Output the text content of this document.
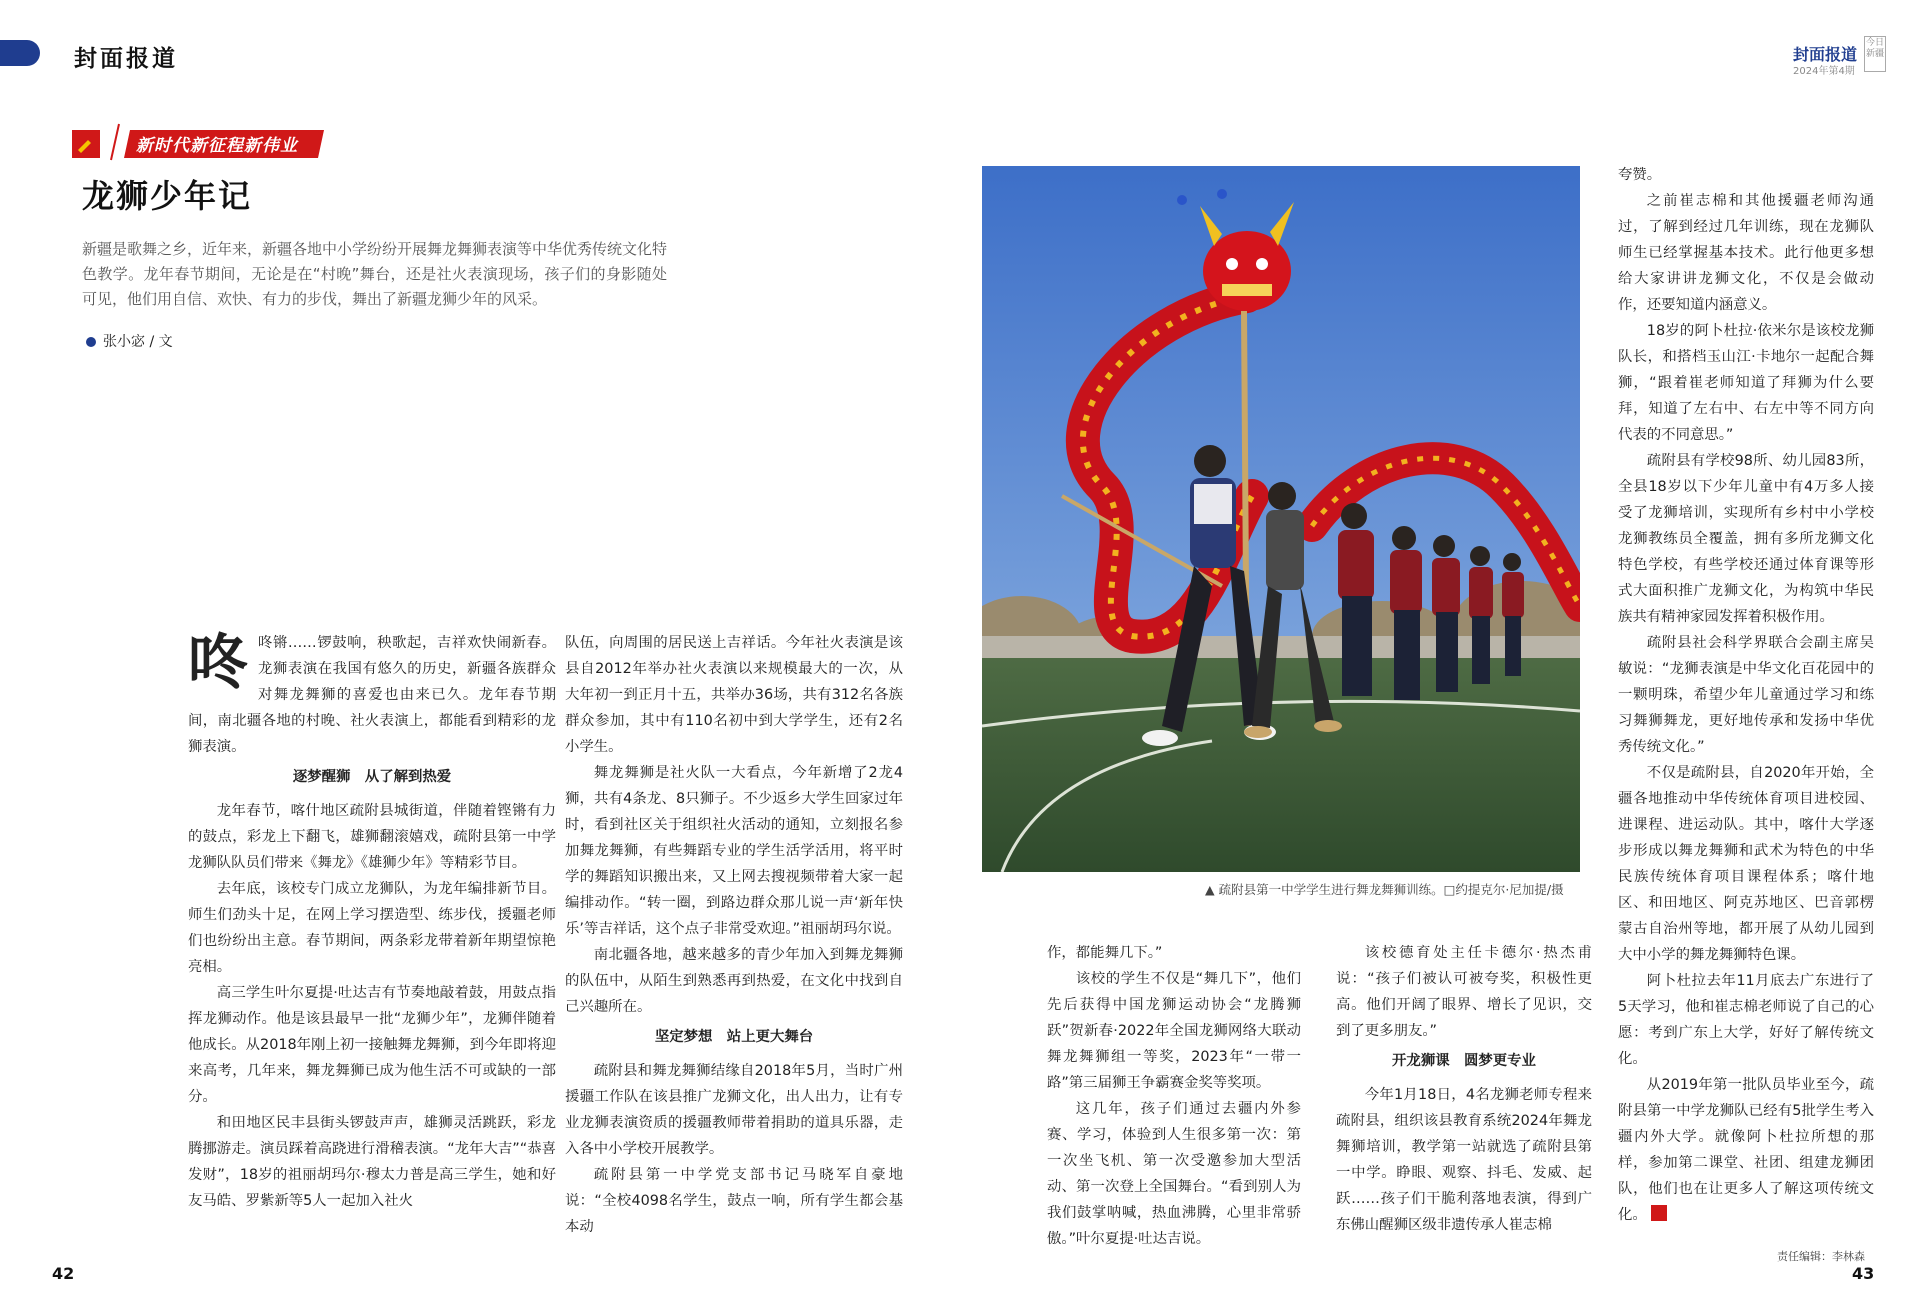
封面报道	封面报道
2024年第4期
今日新疆
新时代新征程新伟业
龙狮少年记
新疆是歌舞之乡，近年来，新疆各地中小学纷纷开展舞龙舞狮表演等中华优秀传统文化特色教学。龙年春节期间，无论是在“村晚”舞台，还是社火表演现场，孩子们的身影随处可见，他们用自信、欢快、有力的步伐，舞出了新疆龙狮少年的风采。
张小宓 / 文

咚咚锵……锣鼓响，秧歌起，吉祥欢快闹新春。龙狮表演在我国有悠久的历史，新疆各族群众对舞龙舞狮的喜爱也由来已久。龙年春节期间，南北疆各地的村晚、社火表演上，都能看到精彩的龙狮表演。

逐梦醒狮　从了解到热爱

龙年春节，喀什地区疏附县城街道，伴随着铿锵有力的鼓点，彩龙上下翻飞，雄狮翻滚嬉戏，疏附县第一中学龙狮队队员们带来《舞龙》《雄狮少年》等精彩节目。

去年底，该校专门成立龙狮队，为龙年编排新节目。师生们劲头十足，在网上学习摆造型、练步伐，援疆老师们也纷纷出主意。春节期间，两条彩龙带着新年期望惊艳亮相。

高三学生叶尔夏提·吐达吉有节奏地敲着鼓，用鼓点指挥龙狮动作。他是该县最早一批“龙狮少年”，龙狮伴随着他成长。从2018年刚上初一接触舞龙舞狮，到今年即将迎来高考，几年来，舞龙舞狮已成为他生活不可或缺的一部分。

和田地区民丰县街头锣鼓声声，雄狮灵活跳跃，彩龙腾挪游走。演员踩着高跷进行滑稽表演。“龙年大吉”“恭喜发财”，18岁的祖丽胡玛尔·穆太力普是高三学生，她和好友马皓、罗紫新等5人一起加入社火

队伍，向周围的居民送上吉祥话。今年社火表演是该县自2012年举办社火表演以来规模最大的一次，从大年初一到正月十五，共举办36场，共有312名各族群众参加，其中有110名初中到大学学生，还有2名小学生。

舞龙舞狮是社火队一大看点，今年新增了2龙4狮，共有4条龙、8只狮子。不少返乡大学生回家过年时，看到社区关于组织社火活动的通知，立刻报名参加舞龙舞狮，有些舞蹈专业的学生活学活用，将平时学的舞蹈知识搬出来，又上网去搜视频带着大家一起编排动作。“转一圈，到路边群众那儿说一声‘新年快乐’等吉祥话，这个点子非常受欢迎。”祖丽胡玛尔说。

南北疆各地，越来越多的青少年加入到舞龙舞狮的队伍中，从陌生到熟悉再到热爱，在文化中找到自己兴趣所在。

坚定梦想　站上更大舞台

疏附县和舞龙舞狮结缘自2018年5月，当时广州援疆工作队在该县推广龙狮文化，出人出力，让有专业龙狮表演资质的援疆教师带着捐助的道具乐器，走入各中小学校开展教学。

疏附县第一中学党支部书记马晓军自豪地说：“全校4098名学生，鼓点一响，所有学生都会基本动

▲ 疏附县第一中学学生进行舞龙舞狮训练。□约提克尔·尼加提/摄

作，都能舞几下。”

该校的学生不仅是“舞几下”，他们先后获得中国龙狮运动协会“龙腾狮跃”贺新春·2022年全国龙狮网络大联动舞龙舞狮组一等奖，2023年“一带一路”第三届狮王争霸赛金奖等奖项。

这几年，孩子们通过去疆内外参赛、学习，体验到人生很多第一次：第一次坐飞机、第一次受邀参加大型活动、第一次登上全国舞台。“看到别人为我们鼓掌呐喊，热血沸腾，心里非常骄傲。”叶尔夏提·吐达吉说。

该校德育处主任卡德尔·热杰甫说：“孩子们被认可被夸奖，积极性更高。他们开阔了眼界、增长了见识，交到了更多朋友。”

开龙狮课　圆梦更专业

今年1月18日，4名龙狮老师专程来疏附县，组织该县教育系统2024年舞龙舞狮培训，教学第一站就选了疏附县第一中学。睁眼、观察、抖毛、发威、起跃……孩子们干脆利落地表演，得到广东佛山醒狮区级非遗传承人崔志棉

夸赞。

之前崔志棉和其他援疆老师沟通过，了解到经过几年训练，现在龙狮队师生已经掌握基本技术。此行他更多想给大家讲讲龙狮文化，不仅是会做动作，还要知道内涵意义。

18岁的阿卜杜拉·依米尔是该校龙狮队长，和搭档玉山江·卡地尔一起配合舞狮，“跟着崔老师知道了拜狮为什么要拜，知道了左右中、右左中等不同方向代表的不同意思。”

疏附县有学校98所、幼儿园83所，全县18岁以下少年儿童中有4万多人接受了龙狮培训，实现所有乡村中小学校龙狮教练员全覆盖，拥有多所龙狮文化特色学校，有些学校还通过体育课等形式大面积推广龙狮文化，为构筑中华民族共有精神家园发挥着积极作用。

疏附县社会科学界联合会副主席吴敏说：“龙狮表演是中华文化百花园中的一颗明珠，希望少年儿童通过学习和练习舞狮舞龙，更好地传承和发扬中华优秀传统文化。”

不仅是疏附县，自2020年开始，全疆各地推动中华传统体育项目进校园、进课程、进运动队。其中，喀什大学逐步形成以舞龙舞狮和武术为特色的中华民族传统体育项目课程体系；喀什地区、和田地区、阿克苏地区、巴音郭楞蒙古自治州等地，都开展了从幼儿园到大中小学的舞龙舞狮特色课。

阿卜杜拉去年11月底去广东进行了5天学习，他和崔志棉老师说了自己的心愿：考到广东上大学，好好了解传统文化。

从2019年第一批队员毕业至今，疏附县第一中学龙狮队已经有5批学生考入疆内外大学。就像阿卜杜拉所想的那样，参加第二课堂、社团、组建龙狮团队，他们也在让更多人了解这项传统文化。

42	43
责任编辑：李林森
